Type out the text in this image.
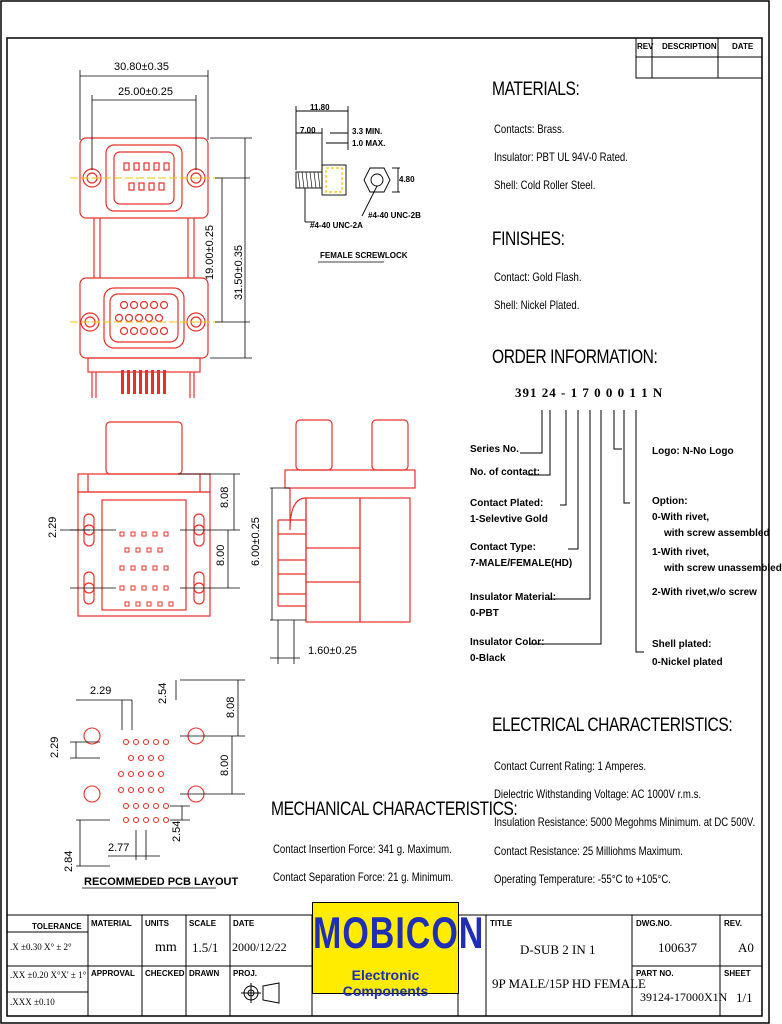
REV DESCRIPTION DATE
30.80±0.35
25.00±0.25
19.00±0.25 31.50±0.35
11.80
7.00	3.3 MIN.
1.0 MAX.
4.80
#4-40 UNC-2A
#4-40 UNC-2B
FEMALE SCREWLOCK
2.29
8.08
8.00 6.00±0.25
1.60±0.25
2.29	2.54
2.29
8.08
8.00
2.54
2.77
2.84
RECOMMEDED PCB LAYOUT
MATERIALS:
Contacts: Brass.
Insulator: PBT UL 94V-0 Rated.
Shell: Cold Roller Steel.
FINISHES:
Contact: Gold Flash.
Shell: Nickel Plated.
ORDER INFORMATION:
391 24 - 1 7 0 0 0 1 1 N
Series No.
No. of contact:
Contact Plated:
1-Selevtive Gold
Contact Type:
7-MALE/FEMALE(HD)
Insulator Material:
0-PBT
Insulator Color:
0-Black
Logo: N-No Logo
Option:
0-With rivet,
with screw assembled
1-With rivet,
with screw unassembled
2-With rivet,w/o screw
Shell plated:
0-Nickel plated
ELECTRICAL CHARACTERISTICS:
Contact Current Rating: 1 Amperes.
Dielectric Withstanding Voltage: AC 1000V r.m.s.
Insulation Resistance: 5000 Megohms Minimum. at DC 500V.
Contact Resistance: 25 Milliohms Maximum.
Operating Temperature: -55°C to +105°C.
MECHANICAL CHARACTERISTICS:
Contact Insertion Force: 341 g. Maximum.
Contact Separation Force: 21 g. Minimum.
TOLERANCE
.X ±0.30 X° ± 2°
.XX ±0.20 X°X' ± 1°
.XXX ±0.10
MATERIAL
APPROVAL
UNITS
mm
SCALE
1.5/1
DATE
2000/12/22
CHECKED DRAWN PROJ.
MOBICON
Electronic Components
TITLE
D-SUB 2 IN 1
9P MALE/15P HD FEMALE
DWG.NO.
100637
REV.
A0
PART NO.
39124-17000X1N
SHEET
1/1
